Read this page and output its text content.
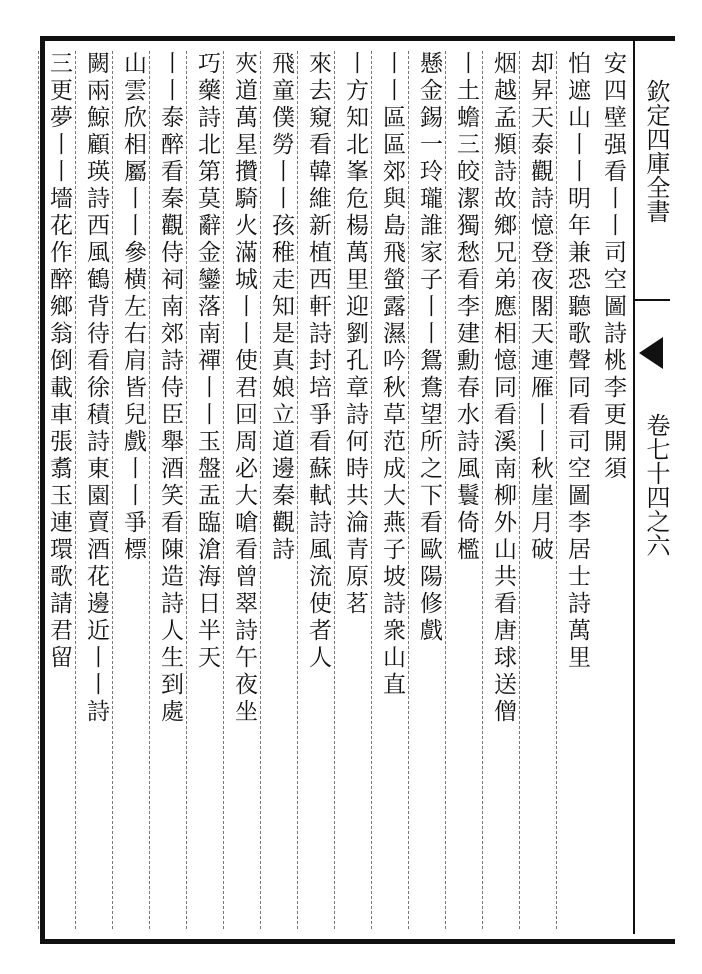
欽定四庫全書
卷七十四之六
安四壁强看丨丨司空圖詩桃李更開須
怕遮山丨丨明年兼恐聽歌聲同看司空圖李居士詩萬里
却昇天泰觀詩憶登夜閣天連雁丨丨秋崖月破
烟越孟頫詩故鄉兄弟應相憶同看溪南柳外山共看唐球送僧
丨土蟾三皎潔獨愁看李建勳春水詩風鬟倚檻
懸金錫一玲瓏誰家子丨丨鴛鴦望所之下看歐陽修戲
丨丨區區郊與島飛螢露濕吟秋草范成大燕子坡詩衆山直
丨方知北峯危楊萬里迎劉孔章詩何時共淪青原茗
來去窺看韓維新植西軒詩封培爭看蘇軾詩風流使者人
飛童僕勞丨丨孩稚走知是真娘立道邊秦觀詩
夾道萬星攢騎火滿城丨丨使君回周必大嗆看曾翠詩午夜坐
巧藥詩北第莫辭金鑾落南禪丨丨玉盤盂臨滄海日半天
丨丨泰醉看秦觀侍祠南郊詩侍臣舉酒笑看陳造詩人生到處
山雲欣相屬丨丨參横左右肩皆兒戲丨丨爭標
闕兩鯨顧瑛詩西風鶴背待看徐積詩東園賣酒花邊近丨丨詩
三更夢丨丨墻花作醉鄉翁倒載車張翥玉連環歌請君留
